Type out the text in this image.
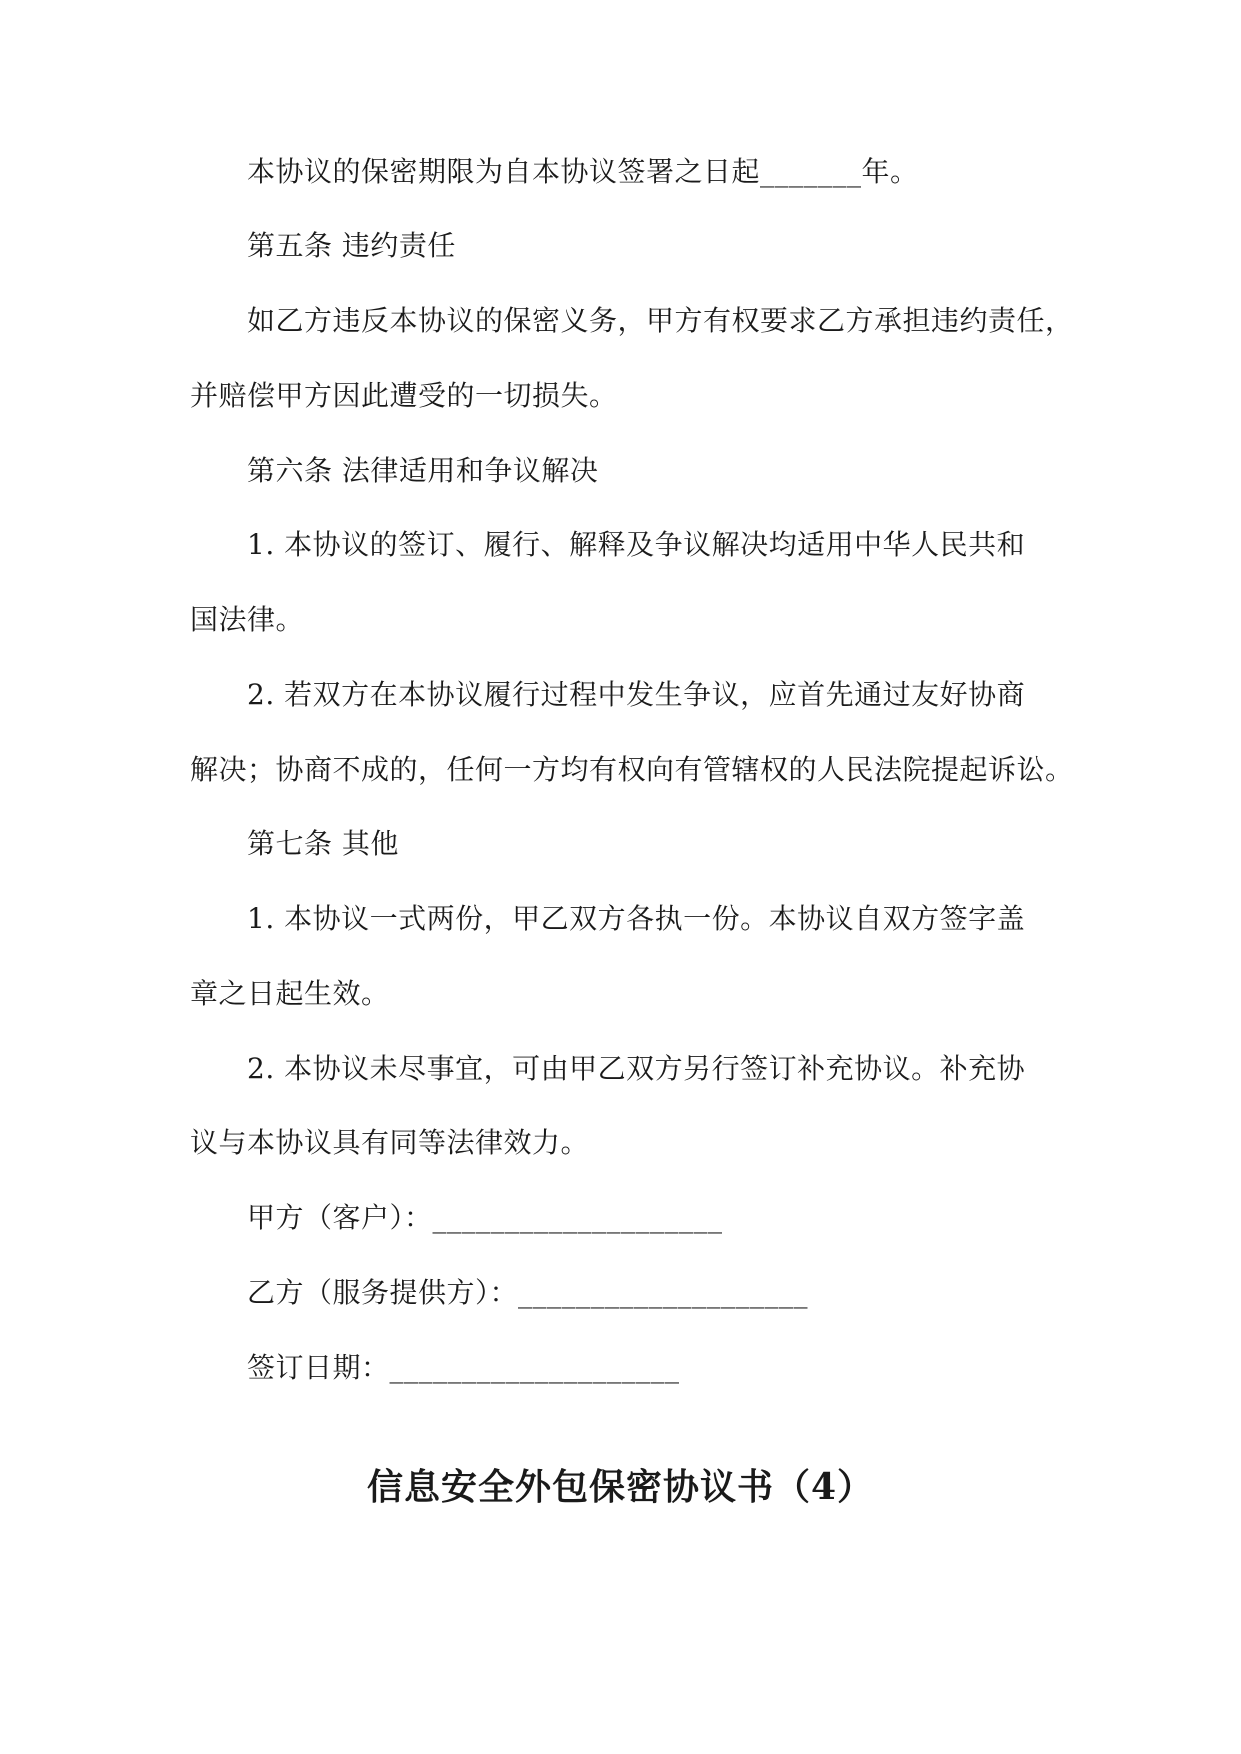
本协议的保密期限为自本协议签署之日起_______年。
第五条 违约责任
如乙方违反本协议的保密义务，甲方有权要求乙方承担违约责任，
并赔偿甲方因此遭受的一切损失。
第六条 法律适用和争议解决
1. 本协议的签订、履行、解释及争议解决均适用中华人民共和
国法律。
2. 若双方在本协议履行过程中发生争议，应首先通过友好协商
解决；协商不成的，任何一方均有权向有管辖权的人民法院提起诉讼。
第七条 其他
1. 本协议一式两份，甲乙双方各执一份。本协议自双方签字盖
章之日起生效。
2. 本协议未尽事宜，可由甲乙双方另行签订补充协议。补充协
议与本协议具有同等法律效力。
甲方（客户）：____________________
乙方（服务提供方）：____________________
签订日期：____________________
信息安全外包保密协议书（4）
